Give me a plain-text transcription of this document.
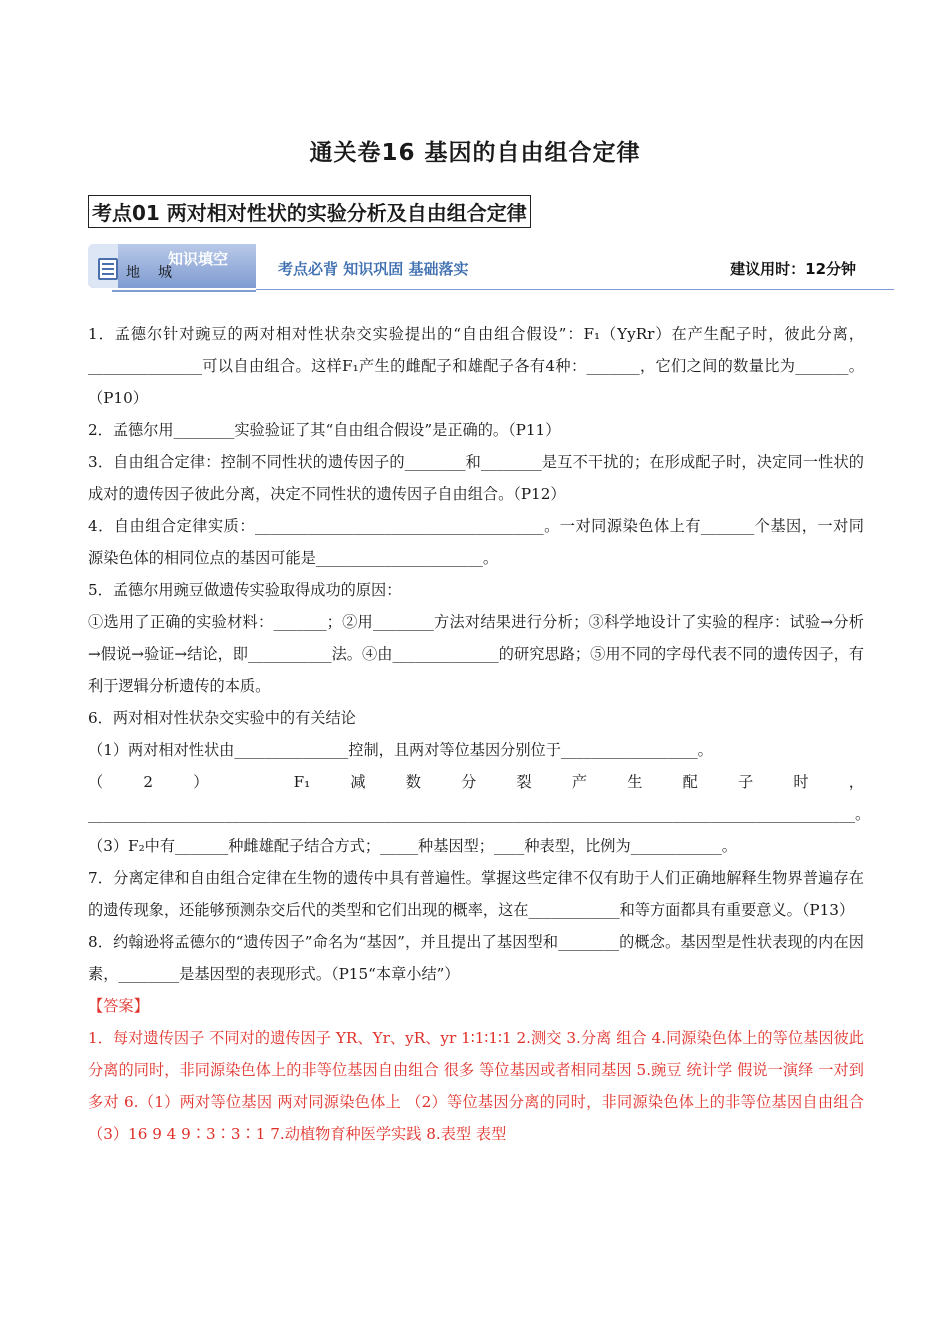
通关卷16 基因的自由组合定律
考点01 两对相对性状的实验分析及自由组合定律
知识填空
地城	考点必背 知识巩固 基础落实	建议用时：12分钟

1．孟德尔针对豌豆的两对相对性状杂交实验提出的“自由组合假设”：F₁（YyRr）在产生配子时，彼此分离，_______________可以自由组合。这样F₁产生的雌配子和雄配子各有4种：_______，它们之间的数量比为_______。（P10）

2．孟德尔用________实验验证了其“自由组合假设”是正确的。（P11）

3．自由组合定律：控制不同性状的遗传因子的________和________是互不干扰的；在形成配子时，决定同一性状的成对的遗传因子彼此分离，决定不同性状的遗传因子自由组合。（P12）

4．自由组合定律实质：______________________________________。一对同源染色体上有_______个基因，一对同源染色体的相同位点的基因可能是______________________。

5．孟德尔用豌豆做遗传实验取得成功的原因：

①选用了正确的实验材料：_______；②用________方法对结果进行分析；③科学地设计了实验的程序：试验→分析→假说→验证→结论，即___________法。④由______________的研究思路；⑤用不同的字母代表不同的遗传因子，有利于逻辑分析遗传的本质。

6．两对相对性状杂交实验中的有关结论

（1）两对相对性状由_______________控制，且两对等位基因分别位于__________________。

（2） F₁减数分裂产生配子时， _____________________________________________________________________________________________________。

（3）F₂中有_______种雌雄配子结合方式；_____种基因型；____种表型，比例为____________。

7．分离定律和自由组合定律在生物的遗传中具有普遍性。掌握这些定律不仅有助于人们正确地解释生物界普遍存在的遗传现象，还能够预测杂交后代的类型和它们出现的概率，这在____________和等方面都具有重要意义。（P13）

8．约翰逊将孟德尔的“遗传因子”命名为“基因”，并且提出了基因型和________的概念。基因型是性状表现的内在因素，________是基因型的表现形式。（P15“本章小结”）

【答案】

1．每对遗传因子 不同对的遗传因子 YR、Yr、yR、yr 1∶1∶1∶1 2.测交 3.分离 组合 4.同源染色体上的等位基因彼此分离的同时，非同源染色体上的非等位基因自由组合 很多 等位基因或者相同基因 5.豌豆 统计学 假说一演绎 一对到多对 6.（1）两对等位基因 两对同源染色体上 （2）等位基因分离的同时，非同源染色体上的非等位基因自由组合 （3）16 9 4 9∶3∶3∶1 7.动植物育种医学实践 8.表型 表型
